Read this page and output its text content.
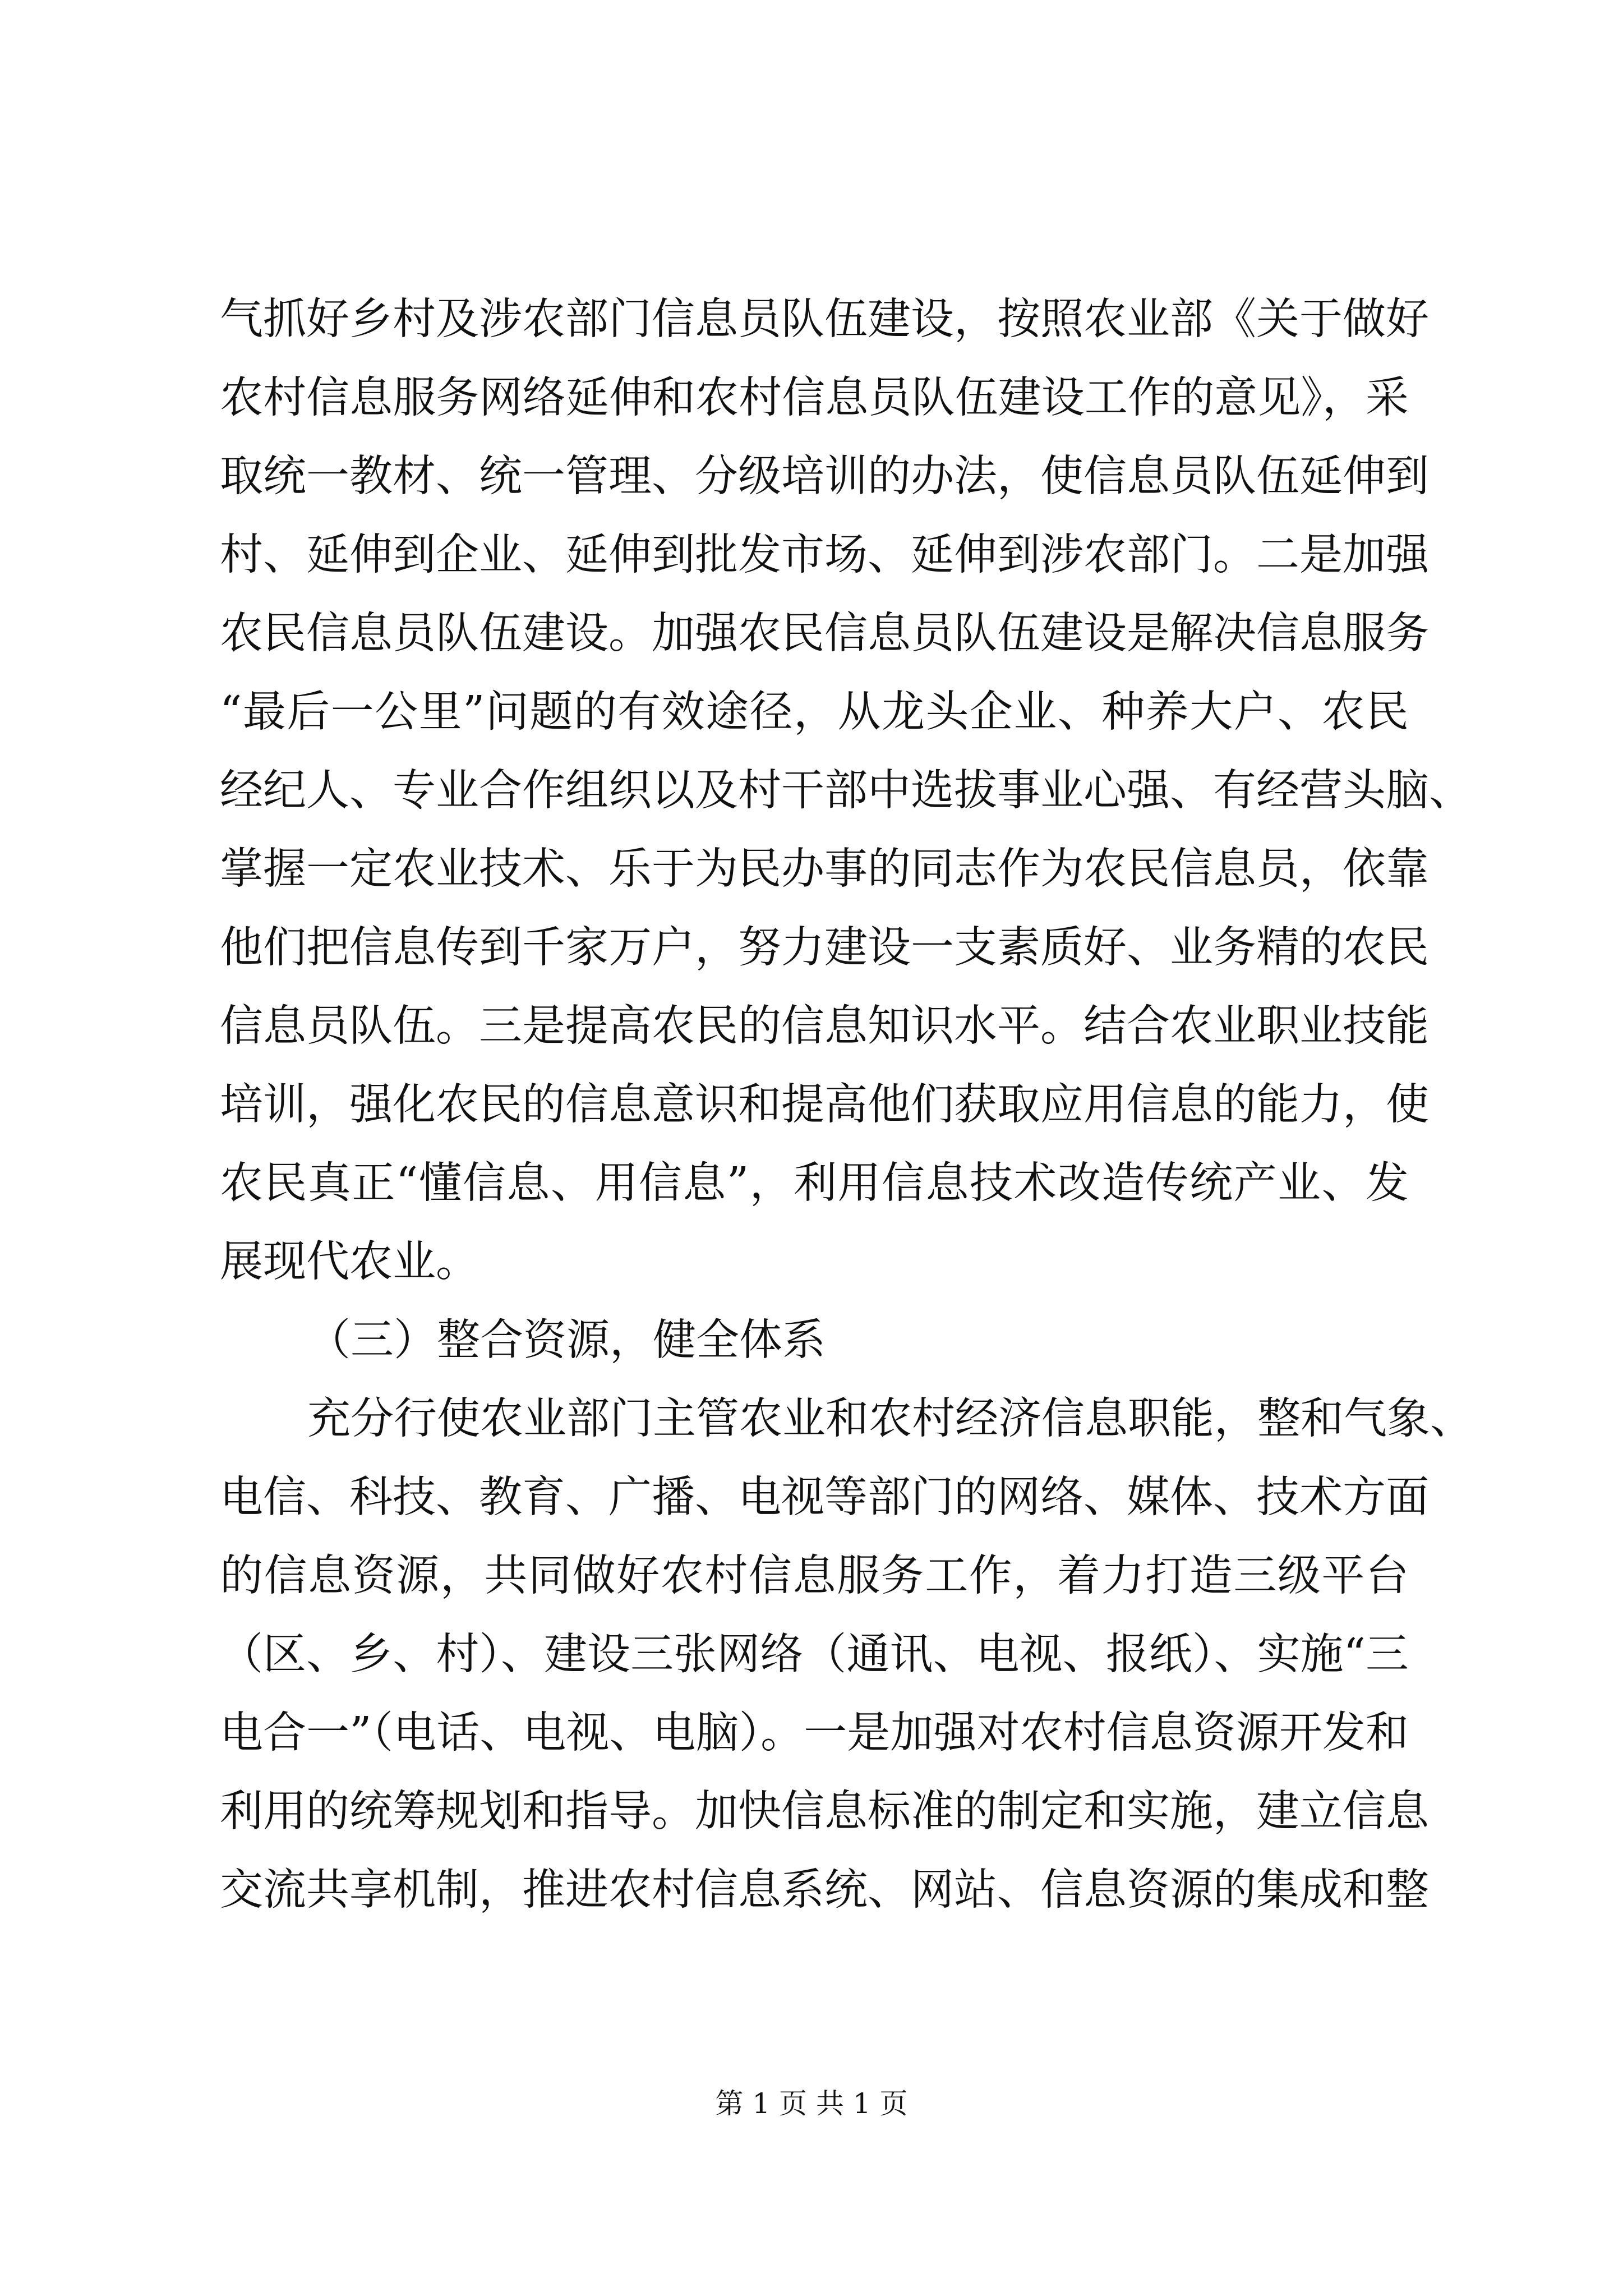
气抓好乡村及涉农部门信息员队伍建设，按照农业部《关于做好
农村信息服务网络延伸和农村信息员队伍建设工作的意见》，采
取统一教材、统一管理、分级培训的办法，使信息员队伍延伸到
村、延伸到企业、延伸到批发市场、延伸到涉农部门。二是加强
农民信息员队伍建设。加强农民信息员队伍建设是解决信息服务
“最后一公里”问题的有效途径，从龙头企业、种养大户、农民
经纪人、专业合作组织以及村干部中选拔事业心强、有经营头脑、
掌握一定农业技术、乐于为民办事的同志作为农民信息员，依靠
他们把信息传到千家万户，努力建设一支素质好、业务精的农民
信息员队伍。三是提高农民的信息知识水平。结合农业职业技能
培训，强化农民的信息意识和提高他们获取应用信息的能力，使
农民真正“懂信息、用信息”，利用信息技术改造传统产业、发
展现代农业。
（三）整合资源，健全体系
充分行使农业部门主管农业和农村经济信息职能，整和气象、
电信、科技、教育、广播、电视等部门的网络、媒体、技术方面
的信息资源，共同做好农村信息服务工作，着力打造三级平台
（区、乡、村）、建设三张网络（通讯、电视、报纸）、实施“三
电合一”（电话、电视、电脑）。一是加强对农村信息资源开发和
利用的统筹规划和指导。加快信息标准的制定和实施，建立信息
交流共享机制，推进农村信息系统、网站、信息资源的集成和整
第 1 页 共 1 页
